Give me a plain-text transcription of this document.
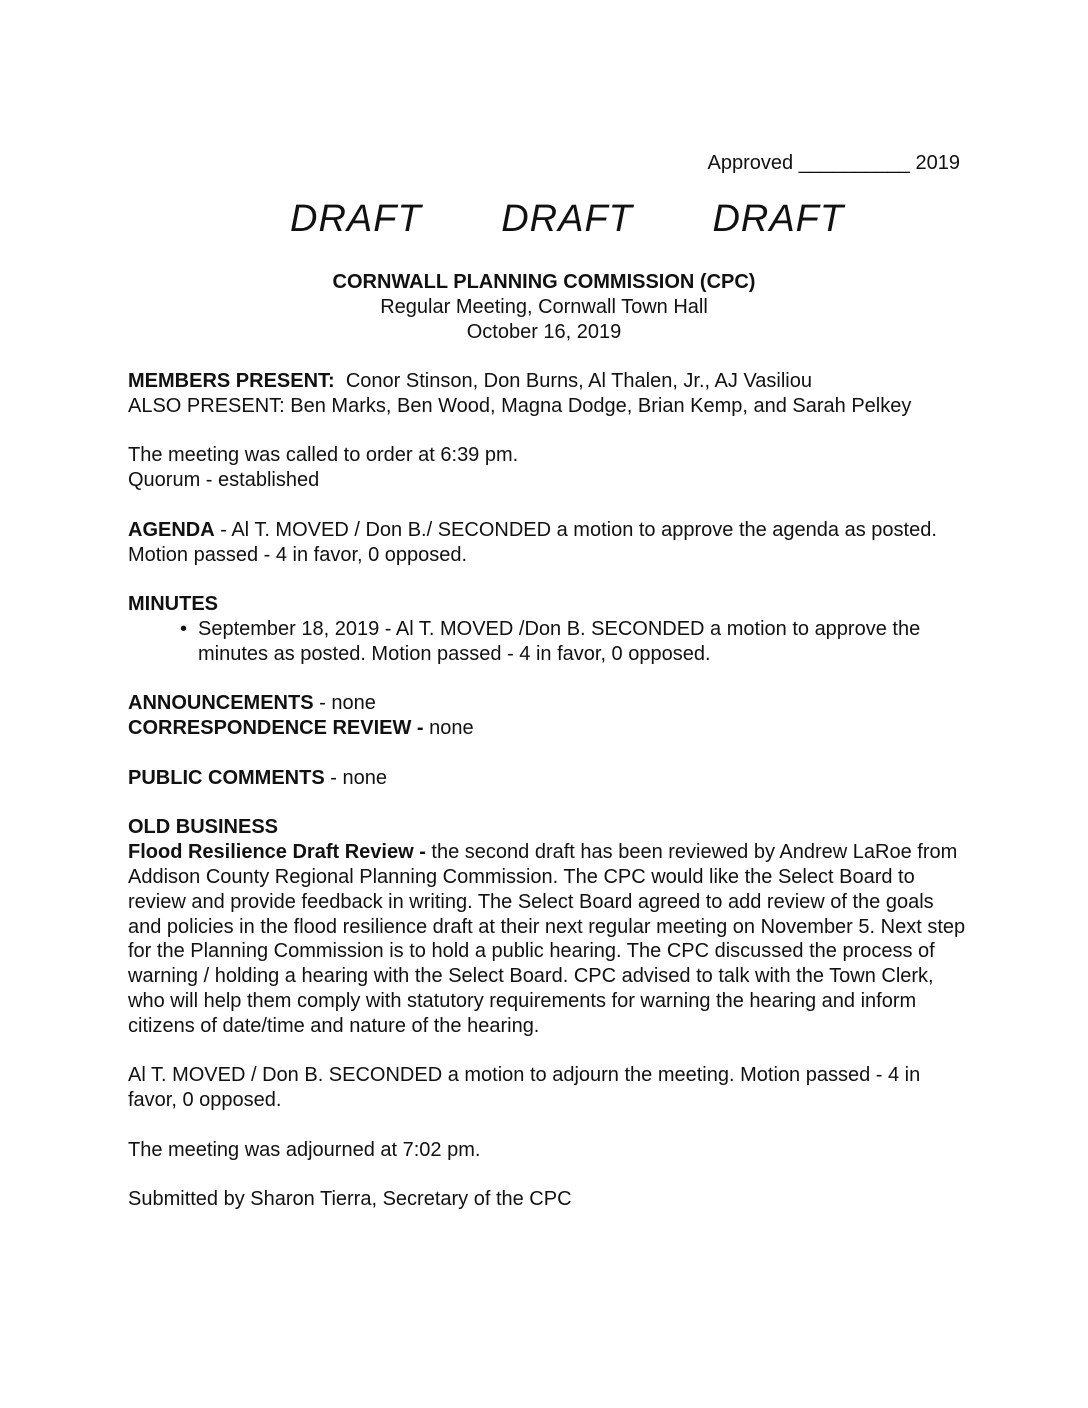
Approved __________ 2019
DRAFT DRAFT DRAFT
CORNWALL PLANNING COMMISSION (CPC)
Regular Meeting, Cornwall Town Hall
October 16, 2019

MEMBERS PRESENT: Conor Stinson, Don Burns, Al Thalen, Jr., AJ Vasiliou
ALSO PRESENT: Ben Marks, Ben Wood, Magna Dodge, Brian Kemp, and Sarah Pelkey

The meeting was called to order at 6:39 pm.
Quorum - established

AGENDA - Al T. MOVED / Don B./ SECONDED a motion to approve the agenda as posted. Motion passed - 4 in favor, 0 opposed.

MINUTES
• September 18, 2019 - Al T. MOVED /Don B. SECONDED a motion to approve the minutes as posted. Motion passed - 4 in favor, 0 opposed.

ANNOUNCEMENTS - none
CORRESPONDENCE REVIEW - none

PUBLIC COMMENTS - none

OLD BUSINESS
Flood Resilience Draft Review - the second draft has been reviewed by Andrew LaRoe from Addison County Regional Planning Commission. The CPC would like the Select Board to review and provide feedback in writing. The Select Board agreed to add review of the goals and policies in the flood resilience draft at their next regular meeting on November 5. Next step for the Planning Commission is to hold a public hearing. The CPC discussed the process of warning / holding a hearing with the Select Board. CPC advised to talk with the Town Clerk, who will help them comply with statutory requirements for warning the hearing and inform citizens of date/time and nature of the hearing.

Al T. MOVED / Don B. SECONDED a motion to adjourn the meeting. Motion passed - 4 in favor, 0 opposed.

The meeting was adjourned at 7:02 pm.

Submitted by Sharon Tierra, Secretary of the CPC
